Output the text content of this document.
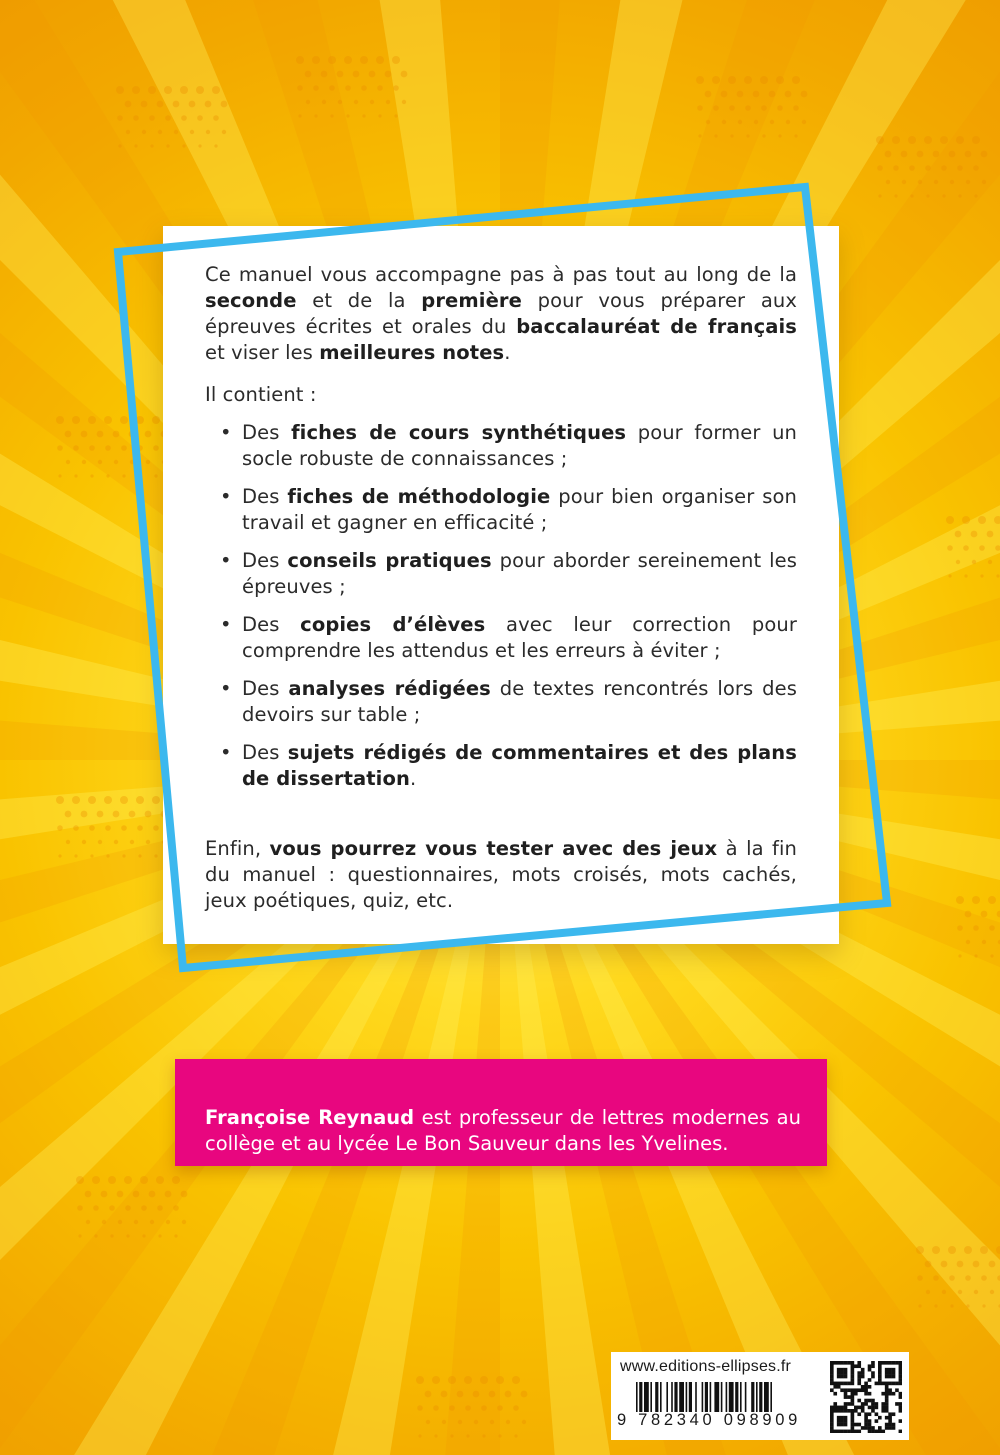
Ce manuel vous accompagne pas à pas tout au long de la seconde et de la première pour vous préparer aux épreuves écrites et orales du baccalauréat de français et viser les meilleures notes.

Il contient :

• Des fiches de cours synthétiques pour former un socle robuste de connaissances ;
• Des fiches de méthodologie pour bien organiser son travail et gagner en efficacité ;
• Des conseils pratiques pour aborder sereinement les épreuves ;
• Des copies d’élèves avec leur correction pour comprendre les attendus et les erreurs à éviter ;
• Des analyses rédigées de textes rencontrés lors des devoirs sur table ;
• Des sujets rédigés de commentaires et des plans de dissertation.

Enfin, vous pourrez vous tester avec des jeux à la fin du manuel : questionnaires, mots croisés, mots cachés, jeux poétiques, quiz, etc.

Françoise Reynaud est professeur de lettres modernes au collège et au lycée Le Bon Sauveur dans les Yvelines.

www.editions-ellipses.fr
9 782340 098909
